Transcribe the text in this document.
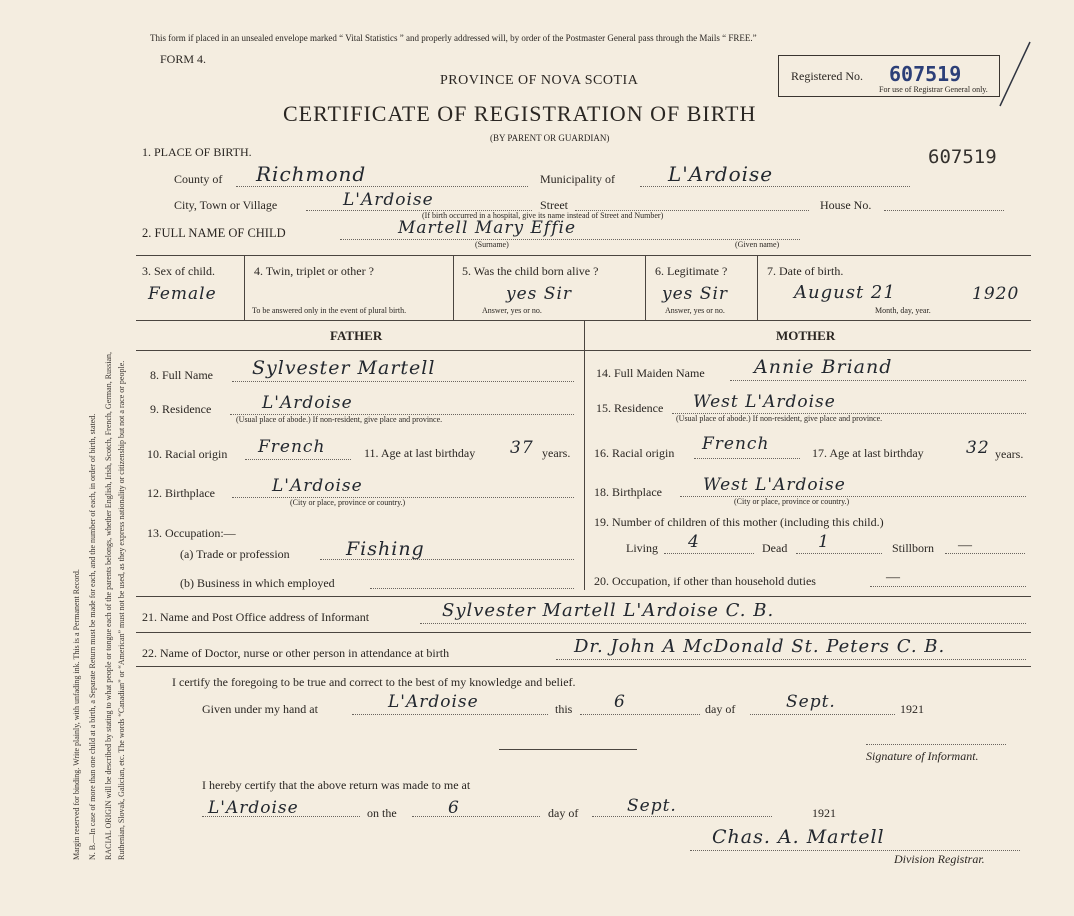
Margin reserved for binding. Write plainly, with unfading ink. This is a Permanent Record. N. B.—In case of more than one child at a birth, a Separate Return must be made for each, and the number of each, in order of birth, stated. RACIAL ORIGIN will be described by stating to what people or tongue each of the parents belongs, whether English, Irish, Scotch, French, German, Russian, Ruthenian, Slovak, Galician, etc. The words “Canadian” or “American” must not be used, as they express nationality or citizenship but not a race or people.
This form if placed in an unsealed envelope marked “ Vital Statistics ” and properly addressed will, by order of the Postmaster General pass through the Mails “ FREE.”
FORM 4.
PROVINCE OF NOVA SCOTIA
CERTIFICATE OF REGISTRATION OF BIRTH
(BY PARENT OR GUARDIAN)
Registered No. 607519
For use of Registrar General only.
607519
1. PLACE OF BIRTH.
County of Richmond	Municipality of	L'Ardoise
City, Town or Village	L'Ardoise	Street	House No.
(If birth occurred in a hospital, give its name instead of Street and Number)
2. FULL NAME OF CHILD	Martell Mary Effie
(Surname)	(Given name)
3. Sex of child.
Female
4. Twin, triplet or other ?
To be answered only in the event of plural birth.
5. Was the child born alive ?
yes Sir
Answer, yes or no.
6. Legitimate ?
yes Sir
Answer, yes or no.
7. Date of birth.
August 21	1920
Month, day, year.
FATHER	MOTHER
8. Full Name Sylvester Martell
9. Residence	L'Ardoise
(Usual place of abode.) If non-resident, give place and province.
10. Racial origin French	11. Age at last birthday 37 years.
12. Birthplace	L'Ardoise
(City or place, province or country.)
13. Occupation:—
(a) Trade or profession	Fishing
(b) Business in which employed
14. Full Maiden Name	Annie Briand
15. Residence West L'Ardoise
(Usual place of abode.) If non-resident, give place and province.
16. Racial origin French	17. Age at last birthday 32 years.
18. Birthplace West L'Ardoise
(City or place, province or country.)
19. Number of children of this mother (including this child.)
Living 4	Dead 1	Stillborn —
20. Occupation, if other than household duties	—
21. Name and Post Office address of Informant	Sylvester Martell L'Ardoise C. B.
22. Name of Doctor, nurse or other person in attendance at birth	Dr. John A McDonald St. Peters C. B.
I certify the foregoing to be true and correct to the best of my knowledge and belief.
Given under my hand at	L'Ardoise	this 6	day of	Sept.	1921
Signature of Informant.
I hereby certify that the above return was made to me at
L'Ardoise	on the	6	day of	Sept.	1921
Chas. A. Martell
Division Registrar.
